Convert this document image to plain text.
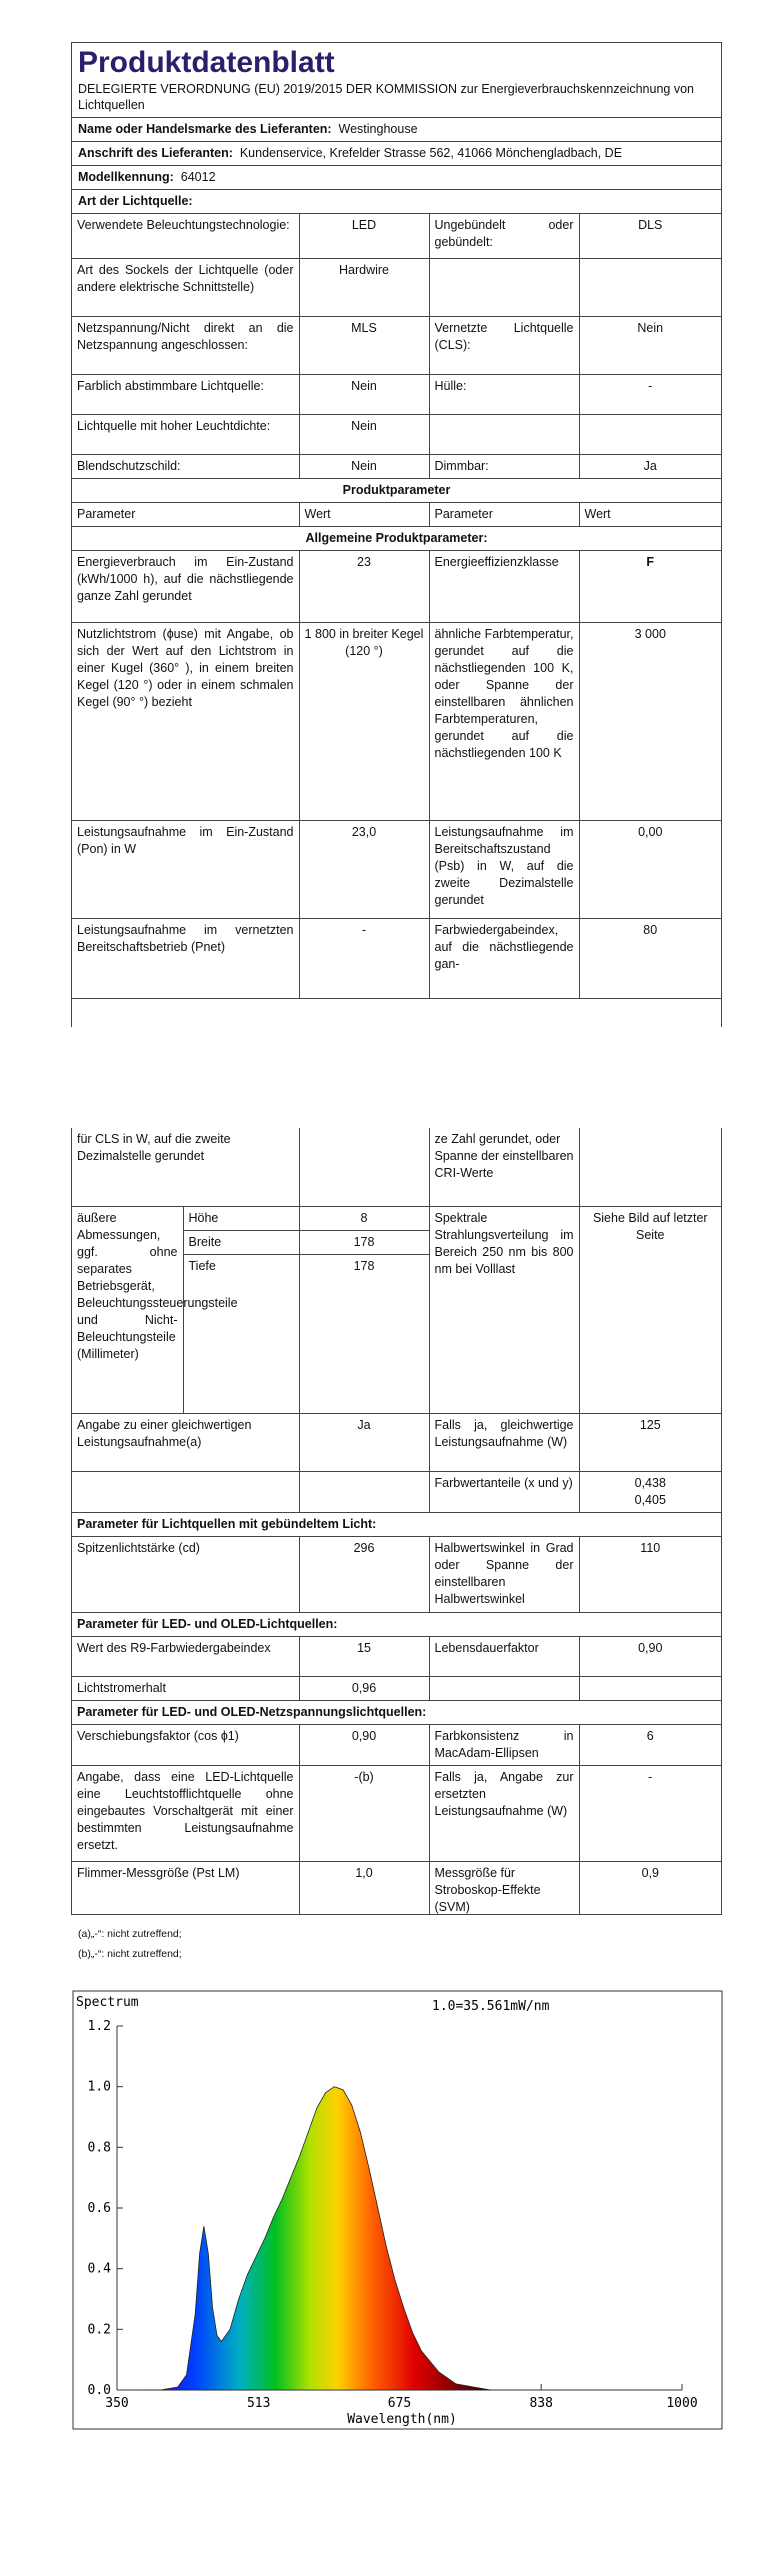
Produktdatenblatt
DELEGIERTE VERORDNUNG (EU) 2019/2015 DER KOMMISSION zur Energieverbrauchskennzeichnung von Lichtquellen
Name oder Handelsmarke des Lieferanten: Westinghouse
Anschrift des Lieferanten: Kundenservice, Krefelder Strasse 562, 41066 Mönchengladbach, DE
Modellkennung: 64012
Art der Lichtquelle:
Verwendete Beleuchtungstechnologie:	LED	Ungebündelt oder gebündelt:	DLS
Art des Sockels der Lichtquelle (oder andere elektrische Schnittstelle)	Hardwire		
Netzspannung/Nicht direkt an die Netzspannung angeschlossen:	MLS	Vernetzte Lichtquelle (CLS):	Nein
Farblich abstimmbare Lichtquelle:	Nein	Hülle:	-
Lichtquelle mit hoher Leuchtdichte:	Nein		
Blendschutzschild:	Nein	Dimmbar:	Ja
Produktparameter			
Parameter	Wert	Parameter	Wert
Allgemeine Produktparameter:			
Energieverbrauch im Ein-Zustand (kWh/1000 h), auf die nächstliegende ganze Zahl gerundet	23	Energieeffizienzklasse	F
Nutzlichtstrom (ɸuse) mit Angabe, ob sich der Wert auf den Lichtstrom in einer Kugel (360° ), in einem breiten Kegel (120 °) oder in einem schmalen Kegel (90° °) bezieht	1 800 in breiter Kegel (120 °)	ähnliche Farbtemperatur, gerundet auf die nächstliegenden 100 K, oder Spanne der einstellbaren ähnlichen Farbtemperaturen, gerundet auf die nächstliegenden 100 K	3 000
Leistungsaufnahme im Ein-Zustand (Pon) in W	23,0	Leistungsaufnahme im Bereitschaftszustand (Psb) in W, auf die zweite Dezimalstelle gerundet	0,00
Leistungsaufnahme im vernetzten Bereitschaftsbetrieb (Pnet)	-	Farbwiedergabeindex, auf die nächstliegende gan-	80
für CLS in W, auf die zweite Dezimalstelle gerundet			ze Zahl gerundet, oder Spanne der einstellbaren CRI-Werte	
äußere Abmessungen, ggf. ohne separates Betriebsgerät, Beleuchtungssteuerungsteile und Nicht-Beleuchtungsteile (Millimeter)	Höhe	8	Spektrale Strahlungsverteilung im Bereich 250 nm bis 800 nm bei Volllast	Siehe Bild auf letzter Seite
	Breite	178		
	Tiefe	178		
Angabe zu einer gleichwertigen Leistungsaufnahme(a)		Ja	Falls ja, gleichwertige Leistungsaufnahme (W)	125
			Farbwertanteile (x und y)	0,438
0,405

Parameter für Lichtquellen mit gebündeltem Licht:				
Spitzenlichtstärke (cd)		296	Halbwertswinkel in Grad oder Spanne der einstellbaren Halbwertswinkel	110
Parameter für LED- und OLED-Lichtquellen:				
Wert des R9-Farbwiedergabeindex		15	Lebensdauerfaktor	0,90
Lichtstromerhalt		0,96		
Parameter für LED- und OLED-Netzspannungslichtquellen:				
Verschiebungsfaktor (cos ɸ1)		0,90	Farbkonsistenz in MacAdam-Ellipsen	6
Angabe, dass eine LED-Lichtquelle eine Leuchtstofflichtquelle ohne eingebautes Vorschaltgerät mit einer bestimmten Leistungsaufnahme ersetzt.		-(b)	Falls ja, Angabe zur ersetzten Leistungsaufnahme (W)	-
Flimmer-Messgröße (Pst LM)		1,0	Messgröße für Stroboskop-Effekte (SVM)	0,9
(a)„-“: nicht zutreffend;
(b)„-“: nicht zutreffend;
Spectrum	1.0=35.561mW/nm
0.0
0.2
0.4
0.6
0.8
1.0
1.2
350	513	675	838	1000
Wavelength(nm)
